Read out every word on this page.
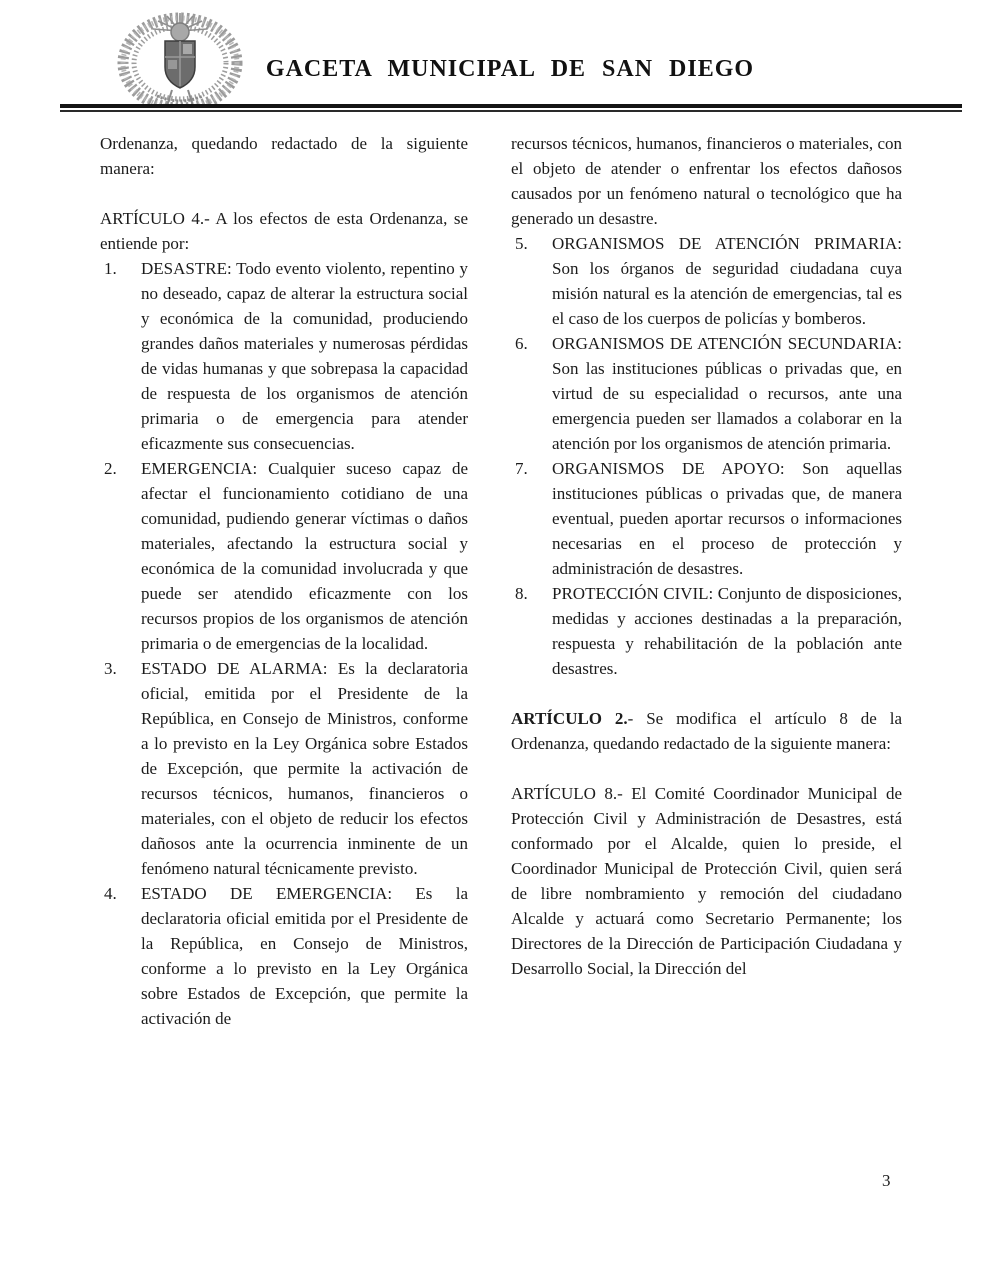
GACETA MUNICIPAL DE SAN DIEGO

Ordenanza, quedando redactado de la siguiente manera:

ARTÍCULO 4.- A los efectos de esta Ordenanza, se entiende por:

1.	DESASTRE: Todo evento violento, repentino y no deseado, capaz de alterar la estructura social y económica de la comunidad, produciendo grandes daños materiales y numerosas pérdidas de vidas humanas y que sobrepasa la capacidad de respuesta de los organismos de atención primaria o de emergencia para atender eficazmente sus consecuencias.
2.	EMERGENCIA: Cualquier suceso capaz de afectar el funcionamiento cotidiano de una comunidad, pudiendo generar víctimas o daños materiales, afectando la estructura social y económica de la comunidad involucrada y que puede ser atendido eficazmente con los recursos propios de los organismos de atención primaria o de emergencias de la localidad.
3.	ESTADO DE ALARMA: Es la declaratoria oficial, emitida por el Presidente de la República, en Consejo de Ministros, conforme a lo previsto en la Ley Orgánica sobre Estados de Excepción, que permite la activación de recursos técnicos, humanos, financieros o materiales, con el objeto de reducir los efectos dañosos ante la ocurrencia inminente de un fenómeno natural técnicamente previsto.
4.	ESTADO DE EMERGENCIA: Es la declaratoria oficial emitida por el Presidente de la República, en Consejo de Ministros, conforme a lo previsto en la Ley Orgánica sobre Estados de Excepción, que permite la activación de

recursos técnicos, humanos, financieros o materiales, con el objeto de atender o enfrentar los efectos dañosos causados por un fenómeno natural o tecnológico que ha generado un desastre.

5.	ORGANISMOS DE ATENCIÓN PRIMARIA: Son los órganos de seguridad ciudadana cuya misión natural es la atención de emergencias, tal es el caso de los cuerpos de policías y bomberos.
6.	ORGANISMOS DE ATENCIÓN SECUNDARIA: Son las instituciones públicas o privadas que, en virtud de su especialidad o recursos, ante una emergencia pueden ser llamados a colaborar en la atención por los organismos de atención primaria.
7.	ORGANISMOS DE APOYO: Son aquellas instituciones públicas o privadas que, de manera eventual, pueden aportar recursos o informaciones necesarias en el proceso de protección y administración de desastres.
8.	PROTECCIÓN CIVIL: Conjunto de disposiciones, medidas y acciones destinadas a la preparación, respuesta y rehabilitación de la población ante desastres.

ARTÍCULO 2.- Se modifica el artículo 8 de la Ordenanza, quedando redactado de la siguiente manera:

ARTÍCULO 8.- El Comité Coordinador Municipal de Protección Civil y Administración de Desastres, está conformado por el Alcalde, quien lo preside, el Coordinador Municipal de Protección Civil, quien será de libre nombramiento y remoción del ciudadano Alcalde y actuará como Secretario Permanente; los Directores de la Dirección de Participación Ciudadana y Desarrollo Social, la Dirección del

3
